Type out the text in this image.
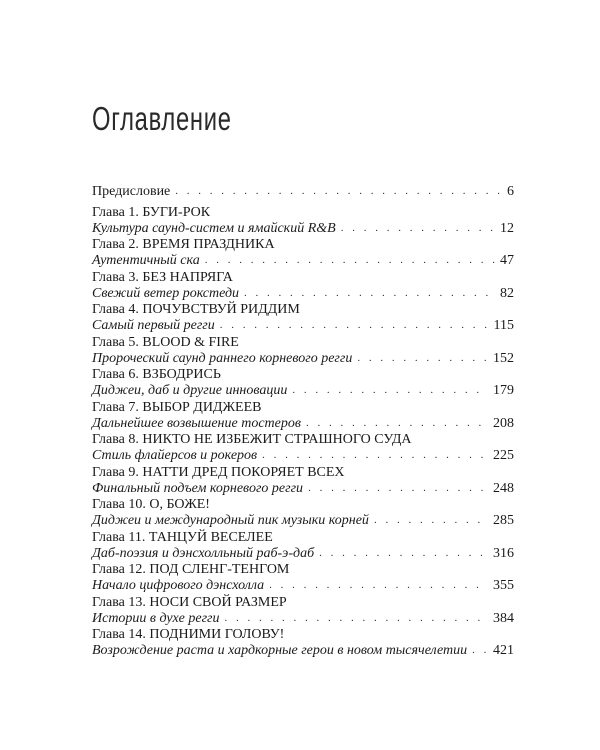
Оглавление
Предисловие . . .	6
Глава 1. БУГИ-РОК
Культура саунд-систем и ямайский R&B . . .	12
Глава 2. ВРЕМЯ ПРАЗДНИКА
Аутентичный ска . . .	47
Глава 3. БЕЗ НАПРЯГА
Свежий ветер рокстеди . . .	82
Глава 4. ПОЧУВСТВУЙ РИДДИМ
Самый первый регги . . .	115
Глава 5. BLOOD & FIRE
Пророческий саунд раннего корневого регги . . .	152
Глава 6. ВЗБОДРИСЬ
Диджеи, даб и другие инновации . . .	179
Глава 7. ВЫБОР ДИДЖЕЕВ
Дальнейшее возвышение тостеров . . .	208
Глава 8. НИКТО НЕ ИЗБЕЖИТ СТРАШНОГО СУДА
Стиль флайерсов и рокеров . . .	225
Глава 9. НАТТИ ДРЕД ПОКОРЯЕТ ВСЕХ
Финальный подъем корневого регги . . .	248
Глава 10. О, БОЖЕ!
Диджеи и международный пик музыки корней . . .	285
Глава 11. ТАНЦУЙ ВЕСЕЛЕЕ
Даб-поэзия и дэнсхолльный раб-э-даб . . .	316
Глава 12. ПОД СЛЕНГ-ТЕНГОМ
Начало цифрового дэнсхолла . . .	355
Глава 13. НОСИ СВОЙ РАЗМЕР
Истории в духе регги . . .	384
Глава 14. ПОДНИМИ ГОЛОВУ!
Возрождение раста и хардкорные герои в новом тысячелетии . . . 421
